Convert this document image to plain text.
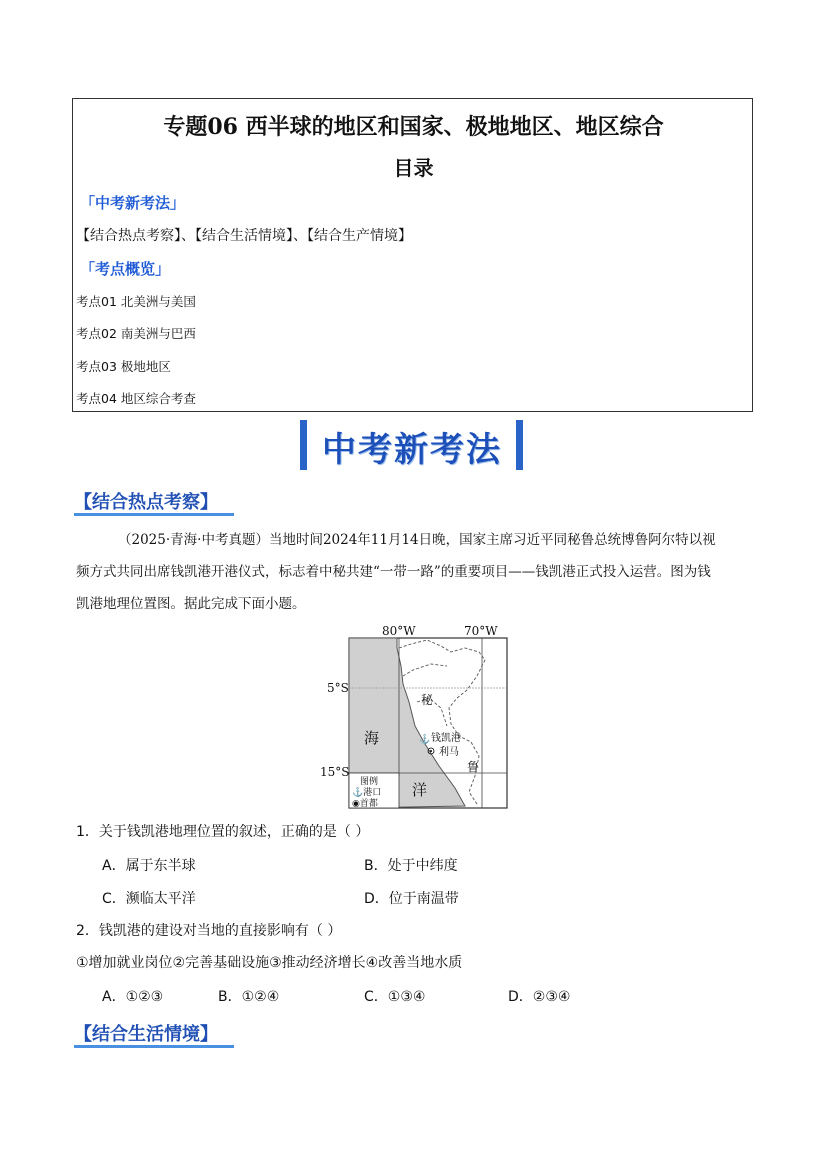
专题06 西半球的地区和国家、极地地区、地区综合
目录
「中考新考法」
【结合热点考察】、【结合生活情境】、【结合生产情境】
「考点概览」
考点01 北美洲与美国
考点02 南美洲与巴西
考点03 极地地区
考点04 地区综合考查
中考新考法
【结合热点考察】
（2025·青海·中考真题）当地时间2024年11月14日晚，国家主席习近平同秘鲁总统博鲁阿尔特以视
频方式共同出席钱凯港开港仪式，标志着中秘共建“一带一路”的重要项目——钱凯港正式投入运营。图为钱
凯港地理位置图。据此完成下面小题。
⚓
80°W	70°W
5°S
15°S
海
洋
秘
鲁
钱凯港
利马
图例
⚓港口
◉首都
1．关于钱凯港地理位置的叙述，正确的是（ ）
A．属于东半球	B．处于中纬度
C．濒临太平洋	D．位于南温带
2．钱凯港的建设对当地的直接影响有（ ）
①增加就业岗位②完善基础设施③推动经济增长④改善当地水质
A．①②③	B．①②④	C．①③④	D．②③④
【结合生活情境】
